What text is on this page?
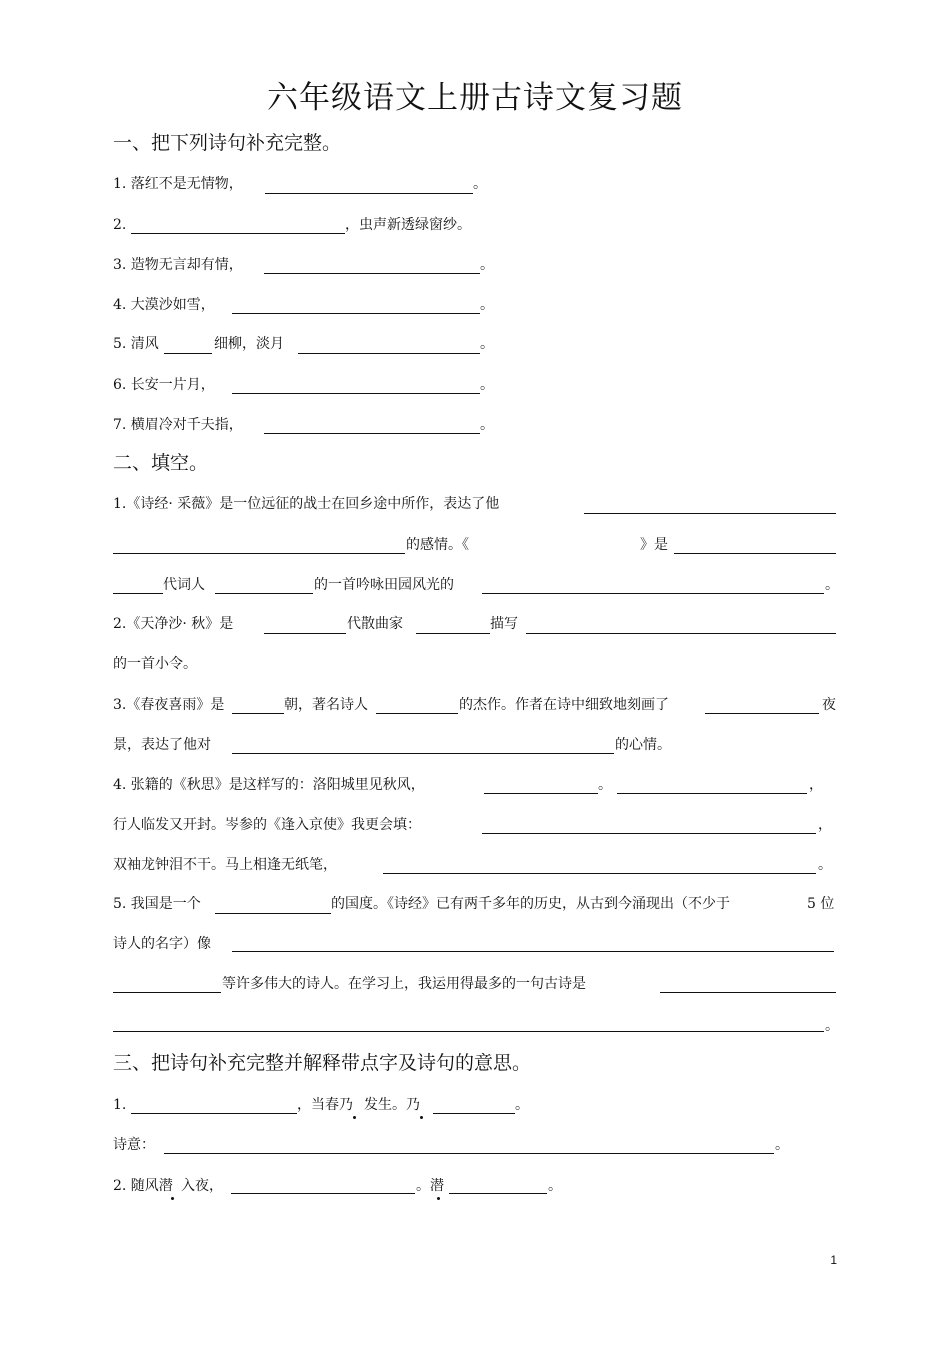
六年级语文上册古诗文复习题
一、把下列诗句补充完整。
1. 落红不是无情物，	。
2.	，虫声新透绿窗纱。
3. 造物无言却有情，	。
4. 大漠沙如雪，	。
5. 清风	细柳，淡月	。
6. 长安一片月，	。
7. 横眉冷对千夫指，	。
二、填空。
1.《诗经· 采薇》是一位远征的战士在回乡途中所作，表达了他
的感情。《	》是
代词人	的一首吟咏田园风光的	。
2.《天净沙· 秋》是	代散曲家	描写
的一首小令。
3.《春夜喜雨》是	朝，著名诗人	的杰作。作者在诗中细致地刻画了	夜
景，表达了他对	的心情。
4. 张籍的《秋思》是这样写的：洛阳城里见秋风，	。	，
行人临发又开封。岑参的《逢入京使》我更会填：	，
双袖龙钟泪不干。马上相逢无纸笔，	。
5. 我国是一个	的国度。《诗经》已有两千多年的历史，从古到今涌现出（不少于	5 位
诗人的名字）像
等许多伟大的诗人。在学习上，我运用得最多的一句古诗是
。
三、把诗句补充完整并解释带点字及诗句的意思。
1.	，当春乃 发生。乃	。
诗意：	。
2. 随风潜 入夜，	。潜	。
1
